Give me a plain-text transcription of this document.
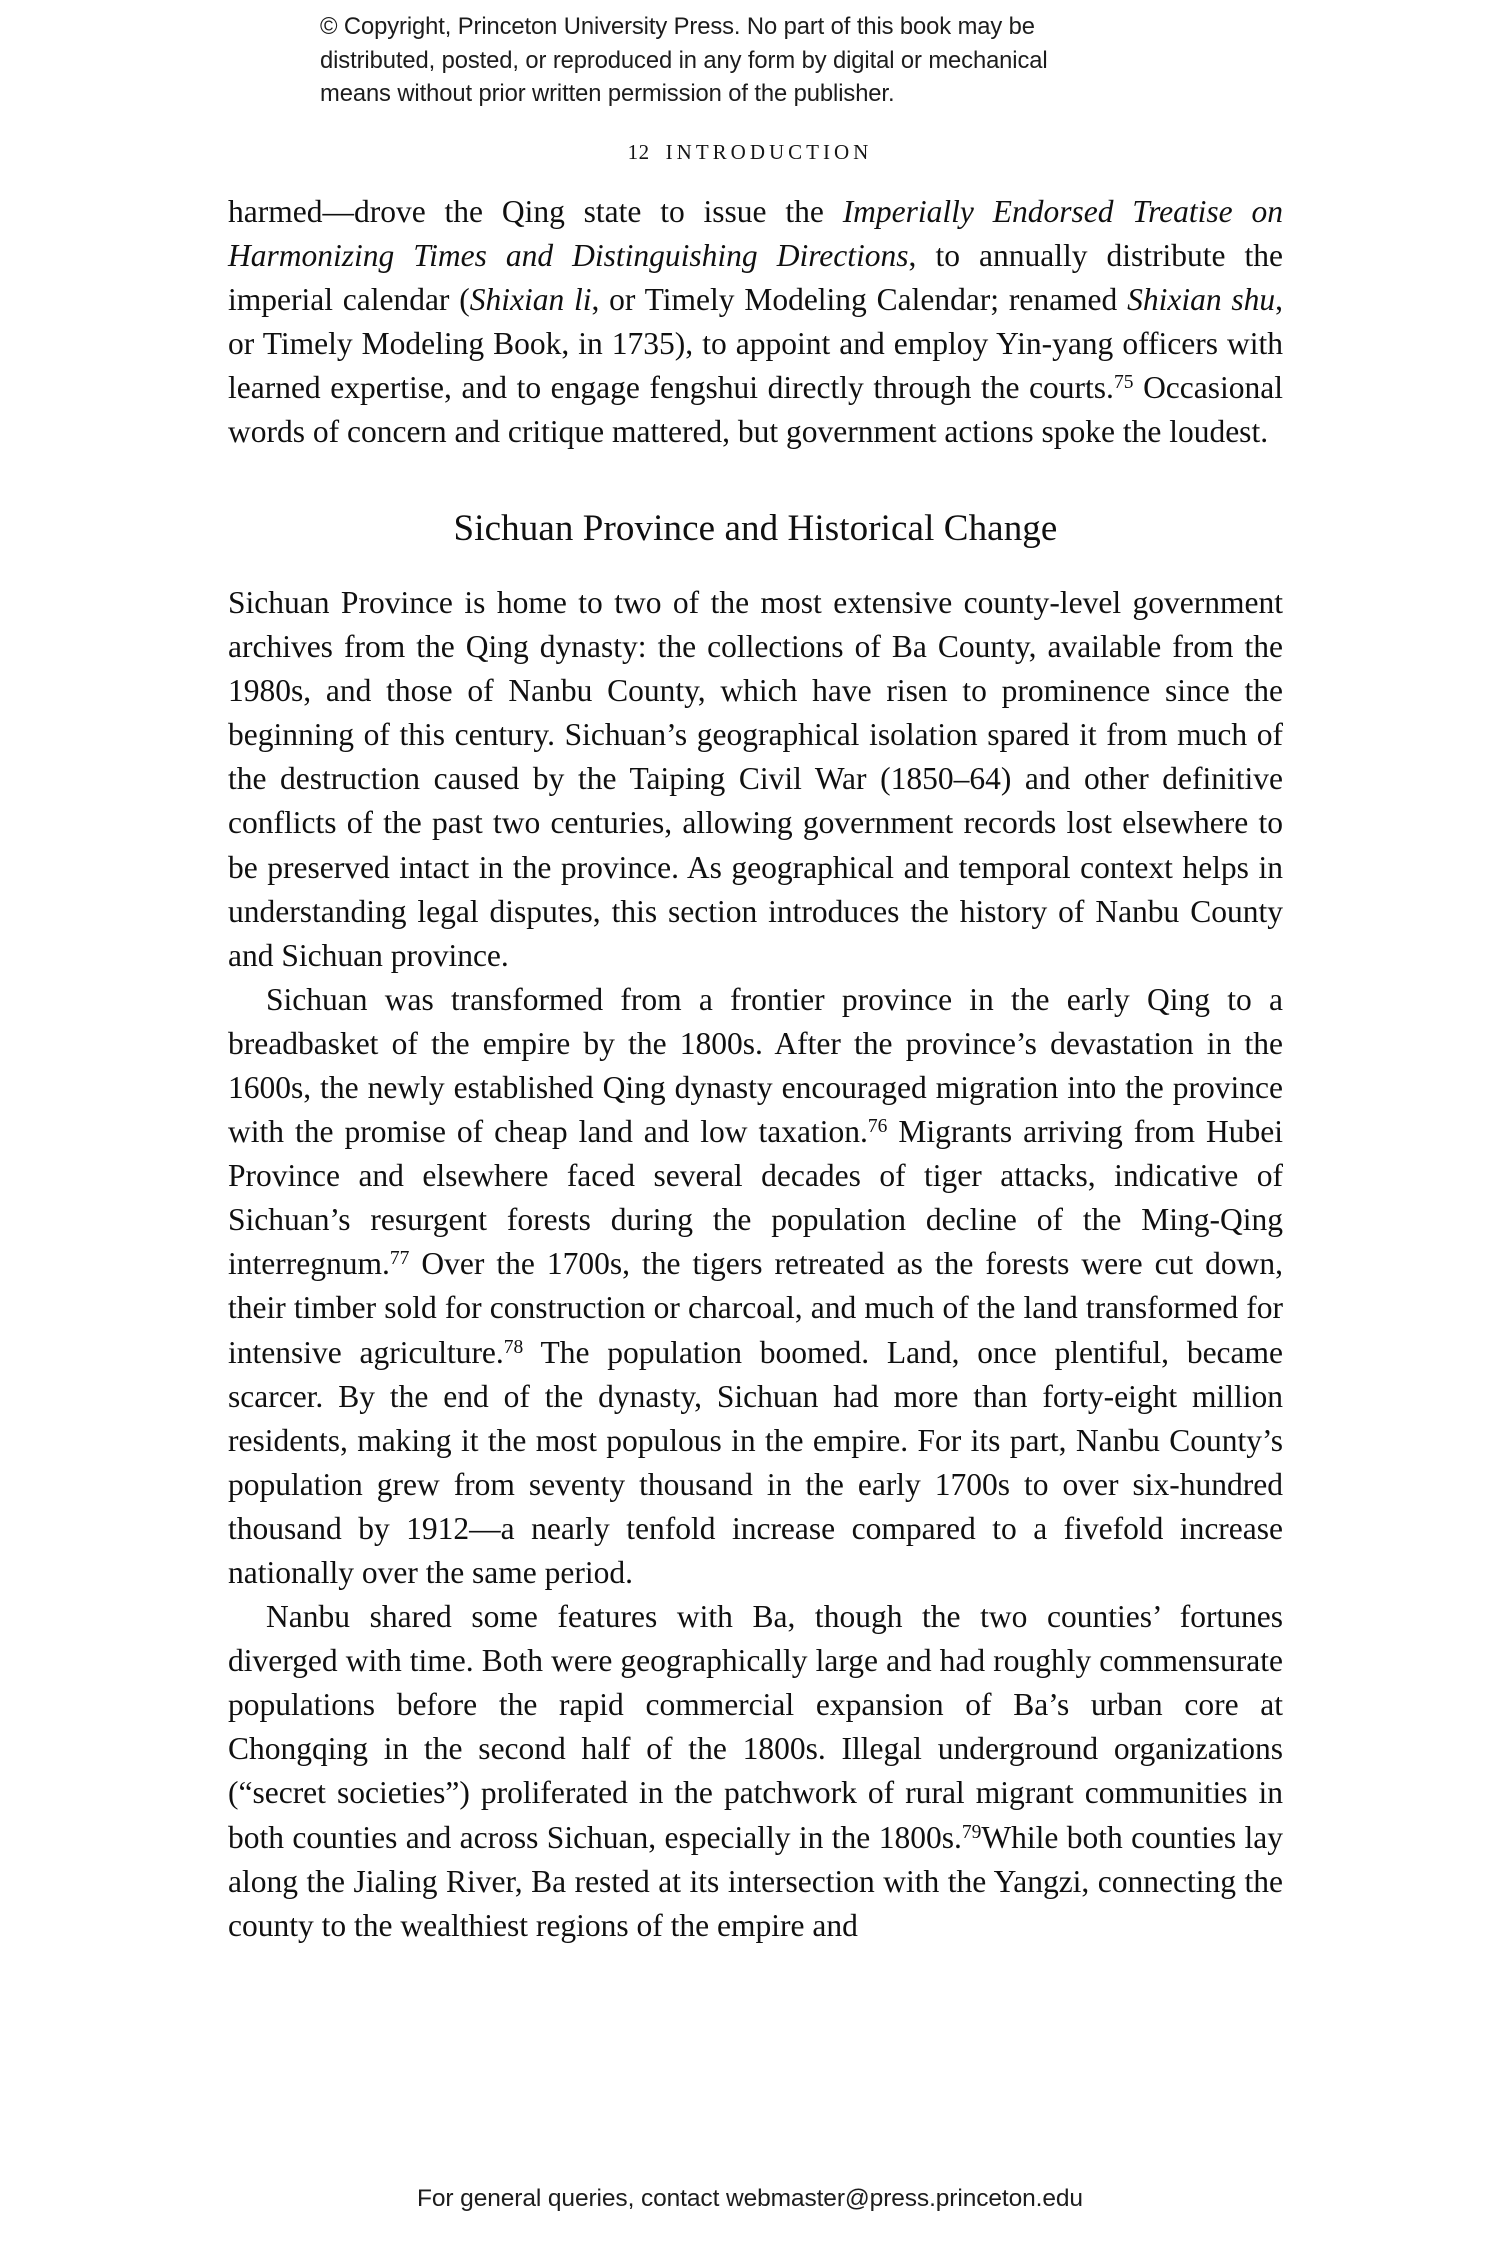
© Copyright, Princeton University Press. No part of this book may be
distributed, posted, or reproduced in any form by digital or mechanical
means without prior written permission of the publisher.
12 INTRODUCTION

harmed—drove the Qing state to issue the Imperially Endorsed Treatise on Harmonizing Times and Distinguishing Directions, to annually distribute the imperial calendar (Shixian li, or Timely Modeling Calendar; renamed Shixian shu, or Timely Modeling Book, in 1735), to appoint and employ Yin-yang officers with learned expertise, and to engage fengshui directly through the courts.$^{75}$ Occasional words of concern and critique mattered, but government actions spoke the loudest.

Sichuan Province and Historical Change

Sichuan Province is home to two of the most extensive county-level government archives from the Qing dynasty: the collections of Ba County, available from the 1980s, and those of Nanbu County, which have risen to prominence since the beginning of this century. Sichuan’s geographical isolation spared it from much of the destruction caused by the Taiping Civil War (1850–64) and other definitive conflicts of the past two centuries, allowing government records lost elsewhere to be preserved intact in the province. As geographical and temporal context helps in understanding legal disputes, this section introduces the history of Nanbu County and Sichuan province.

Sichuan was transformed from a frontier province in the early Qing to a breadbasket of the empire by the 1800s. After the province’s devastation in the 1600s, the newly established Qing dynasty encouraged migration into the province with the promise of cheap land and low taxation.$^{76}$ Migrants arriving from Hubei Province and elsewhere faced several decades of tiger attacks, indicative of Sichuan’s resurgent forests during the population decline of the Ming-Qing interregnum.$^{77}$ Over the 1700s, the tigers retreated as the forests were cut down, their timber sold for construction or charcoal, and much of the land transformed for intensive agriculture.$^{78}$ The population boomed. Land, once plentiful, became scarcer. By the end of the dynasty, Sichuan had more than forty-eight million residents, making it the most populous in the empire. For its part, Nanbu County’s population grew from seventy thousand in the early 1700s to over six-hundred thousand by 1912—a nearly tenfold increase compared to a fivefold increase nationally over the same period.

Nanbu shared some features with Ba, though the two counties’ fortunes diverged with time. Both were geographically large and had roughly commensurate populations before the rapid commercial expansion of Ba’s urban core at Chongqing in the second half of the 1800s. Illegal underground organizations (“secret societies”) proliferated in the patchwork of rural migrant communities in both counties and across Sichuan, especially in the 1800s.$^{79}$While both counties lay along the Jialing River, Ba rested at its intersection with the Yangzi, connecting the county to the wealthiest regions of the empire and

For general queries, contact webmaster@press.princeton.edu
